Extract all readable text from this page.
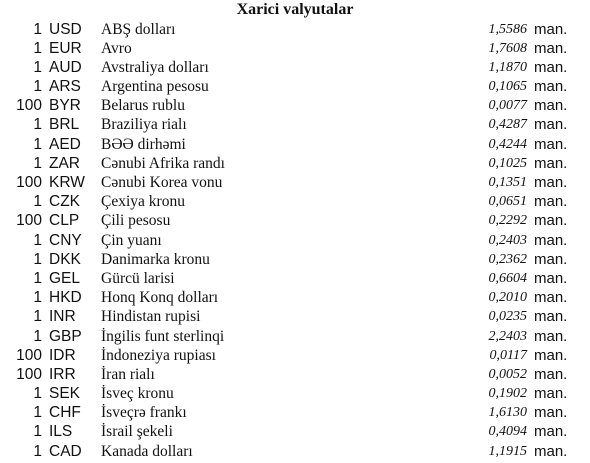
Xarici valyutalar
1 USD	ABŞ dolları	1,5586 man.
1 EUR	Avro	1,7608 man.
1 AUD	Avstraliya dolları	1,1870 man.
1 ARS	Argentina pesosu	0,1065 man.
100 BYR	Belarus rublu	0,0077 man.
1 BRL	Braziliya rialı	0,4287 man.
1 AED	BƏƏ dirhəmi	0,4244 man.
1 ZAR	Cənubi Afrika randı	0,1025 man.
100 KRW	Cənubi Korea vonu	0,1351 man.
1 CZK	Çexiya kronu	0,0651 man.
100 CLP	Çili pesosu	0,2292 man.
1 CNY	Çin yuanı	0,2403 man.
1 DKK	Danimarka kronu	0,2362 man.
1 GEL	Gürcü larisi	0,6604 man.
1 HKD	Honq Konq dolları	0,2010 man.
1 INR	Hindistan rupisi	0,0235 man.
1 GBP	İngilis funt sterlinqi	2,2403 man.
100 IDR	İndoneziya rupiası	0,0117 man.
100 IRR	İran rialı	0,0052 man.
1 SEK	İsveç kronu	0,1902 man.
1 CHF	İsveçrə frankı	1,6130 man.
1 ILS	İsrail şekeli	0,4094 man.
1 CAD	Kanada dolları	1,1915 man.
